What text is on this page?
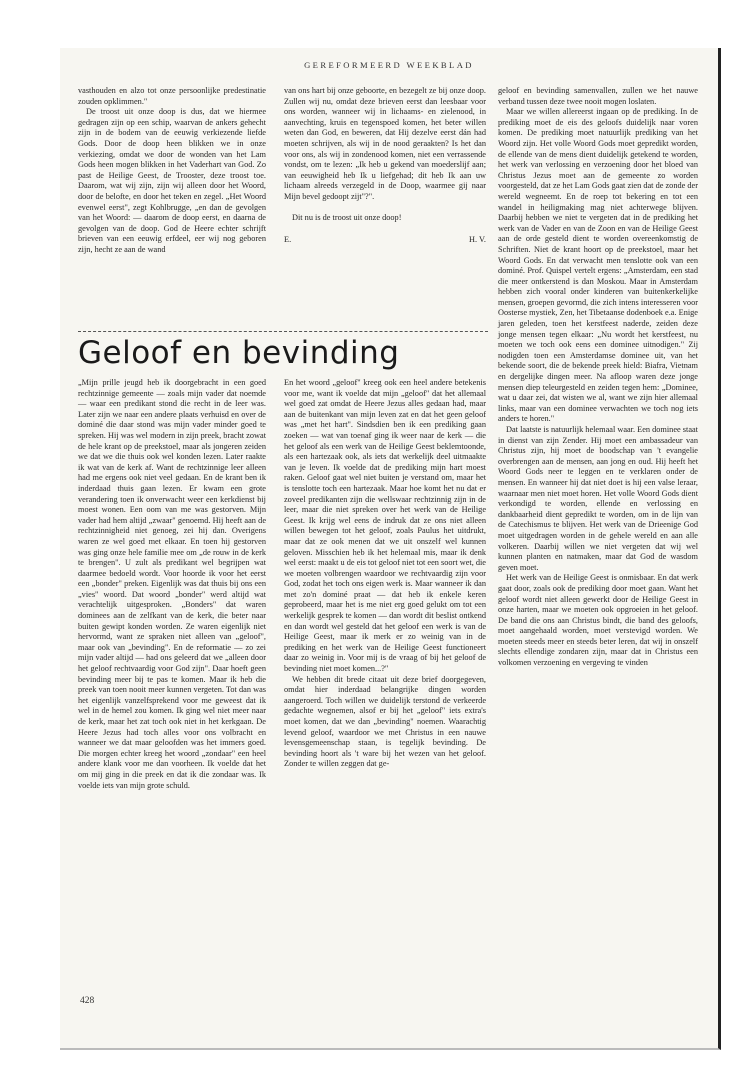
GEREFORMEERD WEEKBLAD

vasthouden en alzo tot onze persoonlijke predestinatie zouden opklimmen."

De troost uit onze doop is dus, dat we hiermee gedragen zijn op een schip, waarvan de ankers gehecht zijn in de bodem van de eeuwig verkiezende liefde Gods. Door de doop heen blikken we in onze verkiezing, omdat we door de wonden van het Lam Gods heen mogen blikken in het Vaderhart van God. Zo past de Heilige Geest, de Trooster, deze troost toe. Daarom, wat wij zijn, zijn wij alleen door het Woord, door de belofte, en door het teken en zegel. „Het Woord evenwel eerst", zegt Kohlbrugge, „en dan de gevolgen van het Woord: — daarom de doop eerst, en daarna de gevolgen van de doop. God de Heere echter schrijft brieven van een eeuwig erfdeel, eer wij nog geboren zijn, hecht ze aan de wand

van ons hart bij onze geboorte, en bezegelt ze bij onze doop. Zullen wij nu, omdat deze brieven eerst dan leesbaar voor ons worden, wanneer wij in lichaams- en zielenood, in aanvechting, kruis en tegenspoed komen, het beter willen weten dan God, en beweren, dat Hij dezelve eerst dán had moeten schrijven, als wij in de nood geraakten? Is het dan voor ons, als wij in zondenood komen, niet een verrassende vondst, om te lezen: „Ik heb u gekend van moederslijf aan; van eeuwigheid heb Ik u liefgehad; dit heb Ik aan uw lichaam alreeds verzegeld in de Doop, waarmee gij naar Mijn bevel gedoopt zijt"?".

Dit nu is de troost uit onze doop!

E.	H. V.
Geloof en bevinding

„Mijn prille jeugd heb ik doorgebracht in een goed rechtzinnige gemeente — zoals mijn vader dat noemde — waar een predikant stond die recht in de leer was. Later zijn we naar een andere plaats verhuisd en over de dominé die daar stond was mijn vader minder goed te spreken. Hij was wel modern in zijn preek, bracht zowat de hele krant op de preekstoel, maar als jongeren zeiden we dat we die thuis ook wel konden lezen. Later raakte ik wat van de kerk af. Want de rechtzinnige leer alleen had me ergens ook niet veel gedaan. En de krant ben ik inderdaad thuis gaan lezen. Er kwam een grote verandering toen ik onverwacht weer een kerkdienst bij moest wonen. Een oom van me was gestorven. Mijn vader had hem altijd „zwaar" genoemd. Hij heeft aan de rechtzinnigheid niet genoeg, zei hij dan. Overigens waren ze wel goed met elkaar. En toen hij gestorven was ging onze hele familie mee om „de rouw in de kerk te brengen". U zult als predikant wel begrijpen wat daarmee bedoeld wordt. Voor hoorde ik voor het eerst een „bonder" preken. Eigenlijk was dat thuis bij ons een „vies" woord. Dat woord „bonder" werd altijd wat verachtelijk uitgesproken. „Bonders" dat waren dominees aan de zelfkant van de kerk, die beter naar buiten gewipt konden worden. Ze waren eigenlijk niet hervormd, want ze spraken niet alleen van „geloof", maar ook van „bevinding". En de reformatie — zo zei mijn vader altijd — had ons geleerd dat we „alleen door het geloof rechtvaardig voor God zijn". Daar hoeft geen bevinding meer bij te pas te komen. Maar ik heb die preek van toen nooit meer kunnen vergeten. Tot dan was het eigenlijk vanzelfsprekend voor me geweest dat ik wel in de hemel zou komen. Ik ging wel niet meer naar de kerk, maar het zat toch ook niet in het kerkgaan. De Heere Jezus had toch alles voor ons volbracht en wanneer we dat maar geloofden was het immers goed. Die morgen echter kreeg het woord „zondaar" een heel andere klank voor me dan voorheen. Ik voelde dat het om mij ging in die preek en dat ik die zondaar was. Ik voelde iets van mijn grote schuld.

En het woord „geloof" kreeg ook een heel andere betekenis voor me, want ik voelde dat mijn „geloof" dat het allemaal wel goed zat omdat de Heere Jezus alles gedaan had, maar aan de buitenkant van mijn leven zat en dat het geen geloof was „met het hart". Sindsdien ben ik een prediking gaan zoeken — wat van toenaf ging ik weer naar de kerk — die het geloof als een werk van de Heilige Geest beklemtoonde, als een hartezaak ook, als iets dat werkelijk deel uitmaakte van je leven. Ik voelde dat de prediking mijn hart moest raken. Geloof gaat wel niet buiten je verstand om, maar het is tenslotte toch een hartezaak. Maar hoe komt het nu dat er zoveel predikanten zijn die wellswaar rechtzinnig zijn in de leer, maar die niet spreken over het werk van de Heilige Geest. Ik krijg wel eens de indruk dat ze ons niet alleen willen bewegen tot het geloof, zoals Paulus het uitdrukt, maar dat ze ook menen dat we uit onszelf wel kunnen geloven. Misschien heb ik het helemaal mis, maar ik denk wel eerst: maakt u de eis tot geloof niet tot een soort wet, die we moeten volbrengen waardoor we rechtvaardig zijn voor God, zodat het toch ons eigen werk is. Maar wanneer ik dan met zo'n dominé praat — dat heb ik enkele keren geprobeerd, maar het is me niet erg goed gelukt om tot een werkelijk gesprek te komen — dan wordt dit beslist ontkend en dan wordt wel gesteld dat het geloof een werk is van de Heilige Geest, maar ik merk er zo weinig van in de prediking en het werk van de Heilige Geest functioneert daar zo weinig in. Voor mij is de vraag of bij het geloof de bevinding niet moet komen...?"

We hebben dit brede citaat uit deze brief doorgegeven, omdat hier inderdaad belangrijke dingen worden aangeroerd. Toch willen we duidelijk terstond de verkeerde gedachte wegnemen, alsof er bij het „geloof" iets extra's moet komen, dat we dan „bevinding" noemen. Waarachtig levend geloof, waardoor we met Christus in een nauwe levensgemeenschap staan, is tegelijk bevinding. De bevinding hoort als 't ware bij het wezen van het geloof. Zonder te willen zeggen dat ge-

geloof en bevinding samenvallen, zullen we het nauwe verband tussen deze twee nooit mogen loslaten.

Maar we willen allereerst ingaan op de prediking. In de prediking moet de eis des geloofs duidelijk naar voren komen. De prediking moet natuurlijk prediking van het Woord zijn. Het volle Woord Gods moet gepredikt worden, de ellende van de mens dient duidelijk getekend te worden, het werk van verlossing en verzoening door het bloed van Christus Jezus moet aan de gemeente zo worden voorgesteld, dat ze het Lam Gods gaat zien dat de zonde der wereld wegneemt. En de roep tot bekering en tot een wandel in heiligmaking mag niet achterwege blijven. Daarbij hebben we niet te vergeten dat in de prediking het werk van de Vader en van de Zoon en van de Heilige Geest aan de orde gesteld dient te worden overeenkomstig de Schriften. Niet de krant hoort op de preekstoel, maar het Woord Gods. En dat verwacht men tenslotte ook van een dominé. Prof. Quispel vertelt ergens: „Amsterdam, een stad die meer ontkerstend is dan Moskou. Maar in Amsterdam hebben zich vooral onder kinderen van buitenkerkelijke mensen, groepen gevormd, die zich intens interesseren voor Oosterse mystiek, Zen, het Tibetaanse dodenboek e.a. Enige jaren geleden, toen het kerstfeest naderde, zeiden deze jonge mensen tegen elkaar: „Nu wordt het kerstfeest, nu moeten we toch ook eens een dominee uitnodigen." Zij nodigden toen een Amsterdamse dominee uit, van het bekende soort, die de bekende preek hield: Biafra, Vietnam en dergelijke dingen meer. Na afloop waren deze jonge mensen diep teleurgesteld en zeiden tegen hem: „Dominee, wat u daar zei, dat wisten we al, want we zijn hier allemaal links, maar van een dominee verwachten we toch nog iets anders te horen."

Dat laatste is natuurlijk helemaal waar. Een dominee staat in dienst van zijn Zender. Hij moet een ambassadeur van Christus zijn, hij moet de boodschap van 't evangelie overbrengen aan de mensen, aan jong en oud. Hij heeft het Woord Gods neer te leggen en te verklaren onder de mensen. En wanneer hij dat niet doet is hij een valse leraar, waarnaar men niet moet horen. Het volle Woord Gods dient verkondigd te worden, ellende en verlossing en dankbaarheid dient gepredikt te worden, om in de lijn van de Catechismus te blijven. Het werk van de Drieenige God moet uitgedragen worden in de gehele wereld en aan alle volkeren. Daarbij willen we niet vergeten dat wij wel kunnen planten en natmaken, maar dat God de wasdom geven moet.

Het werk van de Heilige Geest is onmisbaar. En dat werk gaat door, zoals ook de prediking door moet gaan. Want het geloof wordt niet alleen gewerkt door de Heilige Geest in onze harten, maar we moeten ook opgroeien in het geloof. De band die ons aan Christus bindt, die band des geloofs, moet aangehaald worden, moet verstevigd worden. We moeten steeds meer en steeds beter leren, dat wij in onszelf slechts ellendige zondaren zijn, maar dat in Christus een volkomen verzoening en vergeving te vinden

428
